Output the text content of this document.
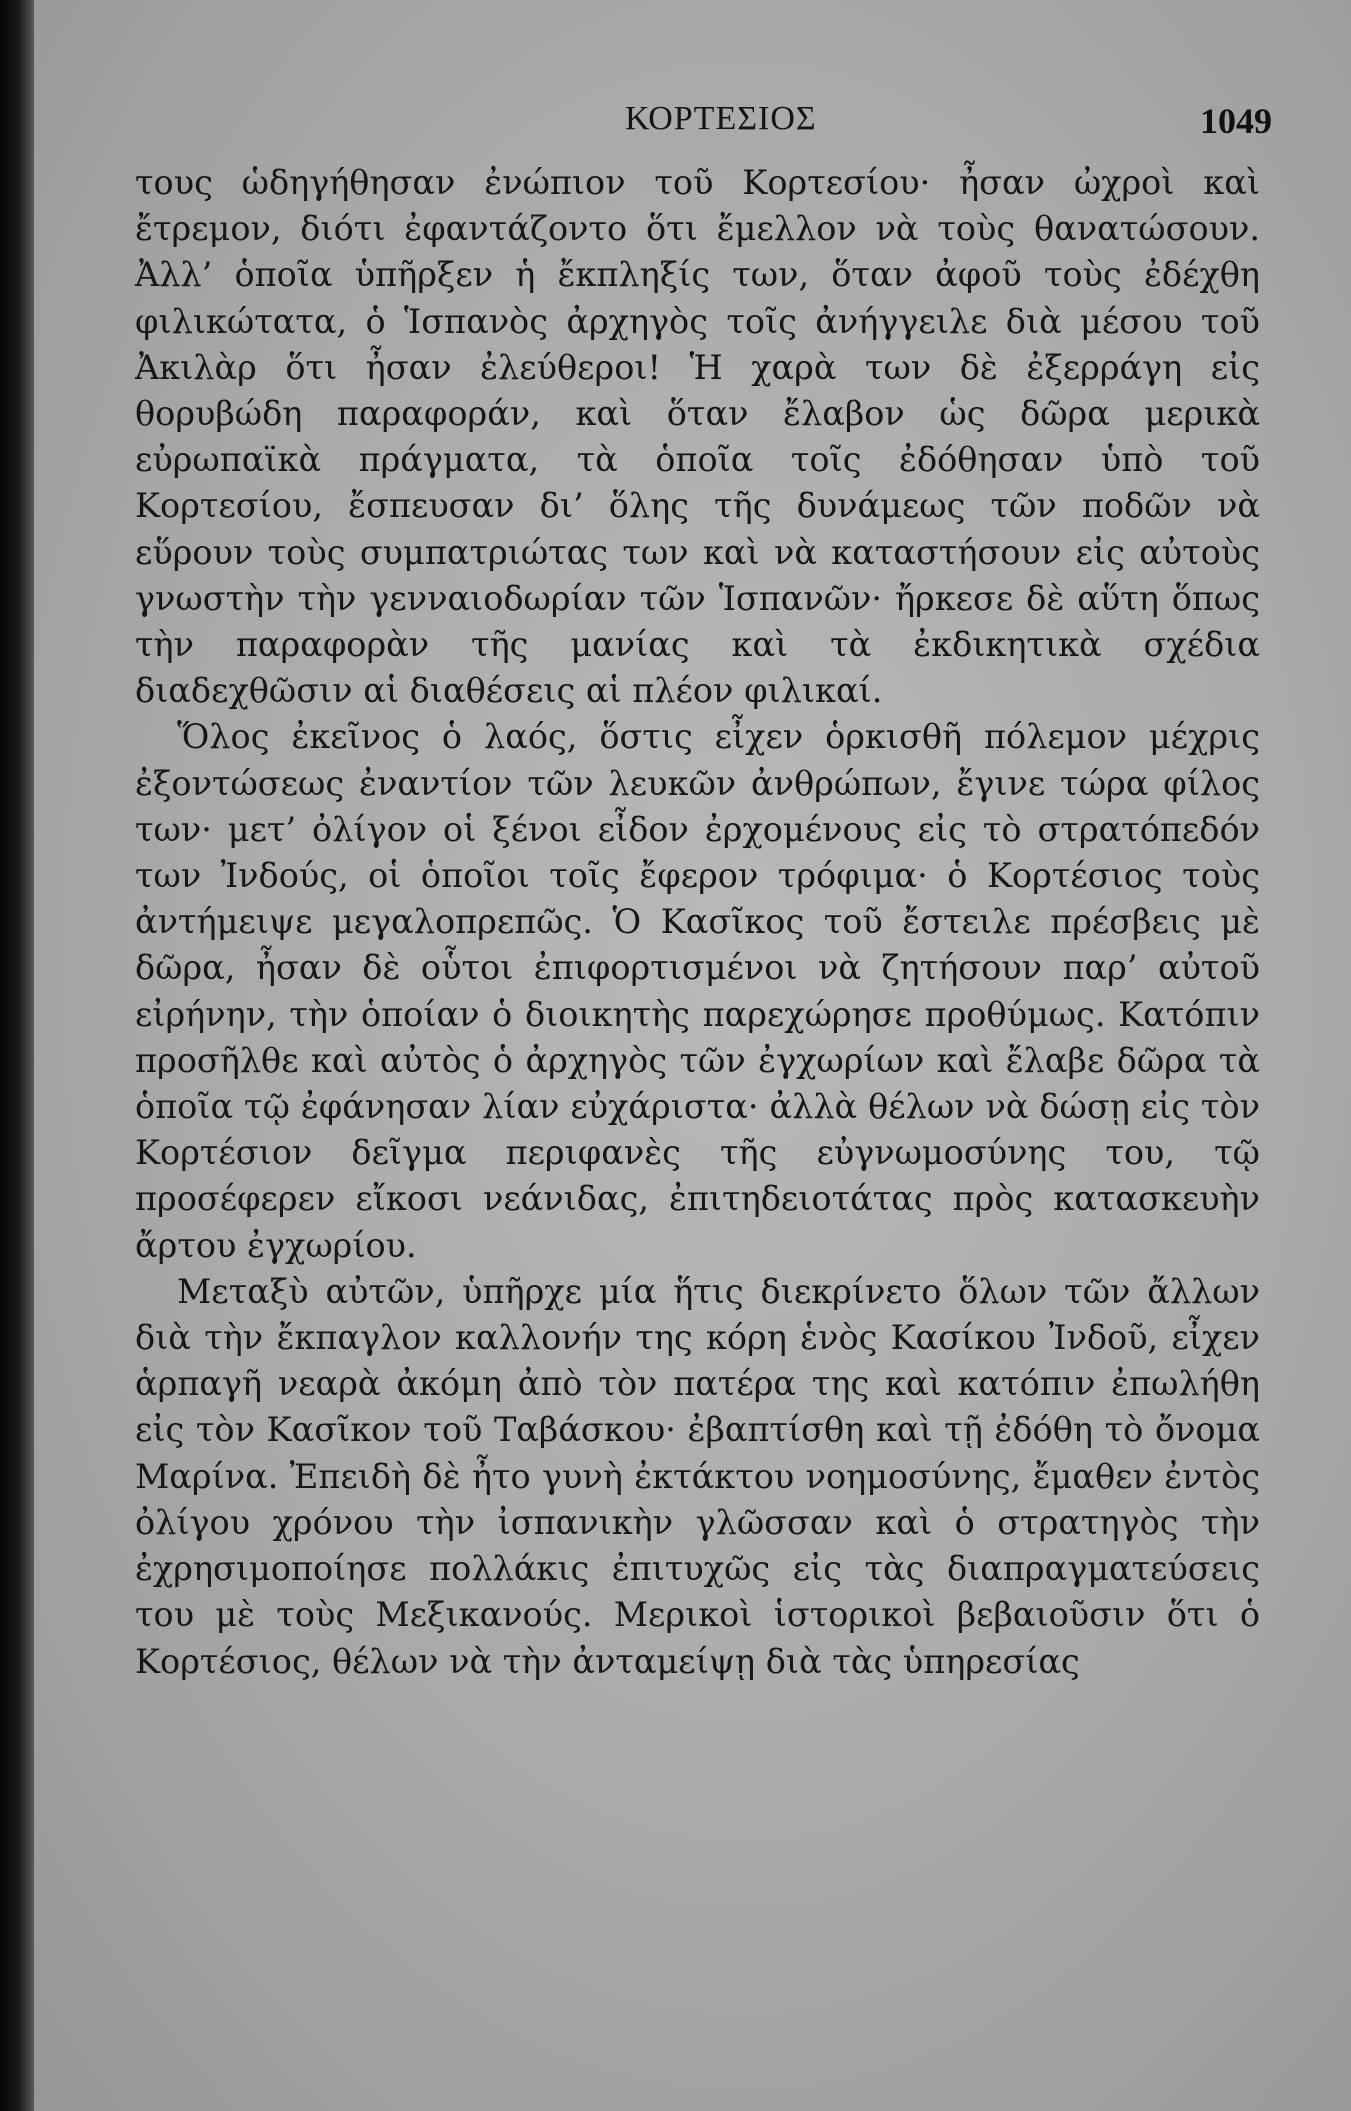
ΚΟΡΤΕΣΙΟΣ	1049

τους ὡδηγήθησαν ἐνώπιον τοῦ Κορτεσίου· ἦσαν ὠχροὶ καὶ ἔτρεμον, διότι ἐφαντάζοντο ὅτι ἔμελλον νὰ τοὺς θανατώσουν. Ἀλλ’ ὁποῖα ὑπῆρξεν ἡ ἔκπληξίς των, ὅταν ἀφοῦ τοὺς ἐδέχθη φιλικώτατα, ὁ Ἱσπανὸς ἀρχηγὸς τοῖς ἀνήγγειλε διὰ μέσου τοῦ Ἀκιλὰρ ὅτι ἦσαν ἐλεύθεροι! Ἡ χαρὰ των δὲ ἐξερράγη εἰς θορυβώδη παραφοράν, καὶ ὅταν ἔλαβον ὡς δῶρα μερικὰ εὐρωπαϊκὰ πράγματα, τὰ ὁποῖα τοῖς ἐδόθησαν ὑπὸ τοῦ Κορτεσίου, ἔσπευσαν δι’ ὅλης τῆς δυνάμεως τῶν ποδῶν νὰ εὕρουν τοὺς συμπατριώτας των καὶ νὰ καταστήσουν εἰς αὐτοὺς γνωστὴν τὴν γενναιοδωρίαν τῶν Ἱσπανῶν· ἤρκεσε δὲ αὕτη ὅπως τὴν παραφορὰν τῆς μανίας καὶ τὰ ἐκδικητικὰ σχέδια διαδεχθῶσιν αἱ διαθέσεις αἱ πλέον φιλικαί.

Ὅλος ἐκεῖνος ὁ λαός, ὅστις εἶχεν ὁρκισθῆ πόλεμον μέχρις ἐξοντώσεως ἐναντίον τῶν λευκῶν ἀνθρώπων, ἔγινε τώρα φίλος των· μετ’ ὀλίγον οἱ ξένοι εἶδον ἐρχομένους εἰς τὸ στρατόπεδόν των Ἰνδούς, οἱ ὁποῖοι τοῖς ἔφερον τρόφιμα· ὁ Κορτέσιος τοὺς ἀντήμειψε μεγαλοπρεπῶς. Ὁ Κασῖκος τοῦ ἔστειλε πρέσβεις μὲ δῶρα, ἦσαν δὲ οὗτοι ἐπιφορτισμένοι νὰ ζητήσουν παρ’ αὐτοῦ εἰρήνην, τὴν ὁποίαν ὁ διοικητὴς παρεχώρησε προθύμως. Κατόπιν προσῆλθε καὶ αὐτὸς ὁ ἀρχηγὸς τῶν ἐγχωρίων καὶ ἔλαβε δῶρα τὰ ὁποῖα τῷ ἐφάνησαν λίαν εὐχάριστα· ἀλλὰ θέλων νὰ δώσῃ εἰς τὸν Κορτέσιον δεῖγμα περιφανὲς τῆς εὐγνωμοσύνης του, τῷ προσέφερεν εἴκοσι νεάνιδας, ἐπιτηδειοτάτας πρὸς κατασκευὴν ἄρτου ἐγχωρίου.

Μεταξὺ αὐτῶν, ὑπῆρχε μία ἥτις διεκρίνετο ὅλων τῶν ἄλλων διὰ τὴν ἔκπαγλον καλλονήν της κόρη ἑνὸς Κασίκου Ἰνδοῦ, εἶχεν ἁρπαγῆ νεαρὰ ἀκόμη ἀπὸ τὸν πατέρα της καὶ κατόπιν ἐπωλήθη εἰς τὸν Κασῖκον τοῦ Ταβάσκου· ἐβαπτίσθη καὶ τῇ ἐδόθη τὸ ὄνομα Μαρίνα. Ἐπειδὴ δὲ ἦτο γυνὴ ἐκτάκτου νοημοσύνης, ἔμαθεν ἐντὸς ὀλίγου χρόνου τὴν ἰσπανικὴν γλῶσσαν καὶ ὁ στρατηγὸς τὴν ἐχρησιμοποίησε πολλάκις ἐπιτυχῶς εἰς τὰς διαπραγματεύσεις του μὲ τοὺς Μεξικανούς. Μερικοὶ ἱστορικοὶ βεβαιοῦσιν ὅτι ὁ Κορτέσιος, θέλων νὰ τὴν ἀνταμείψῃ διὰ τὰς ὑπηρεσίας
